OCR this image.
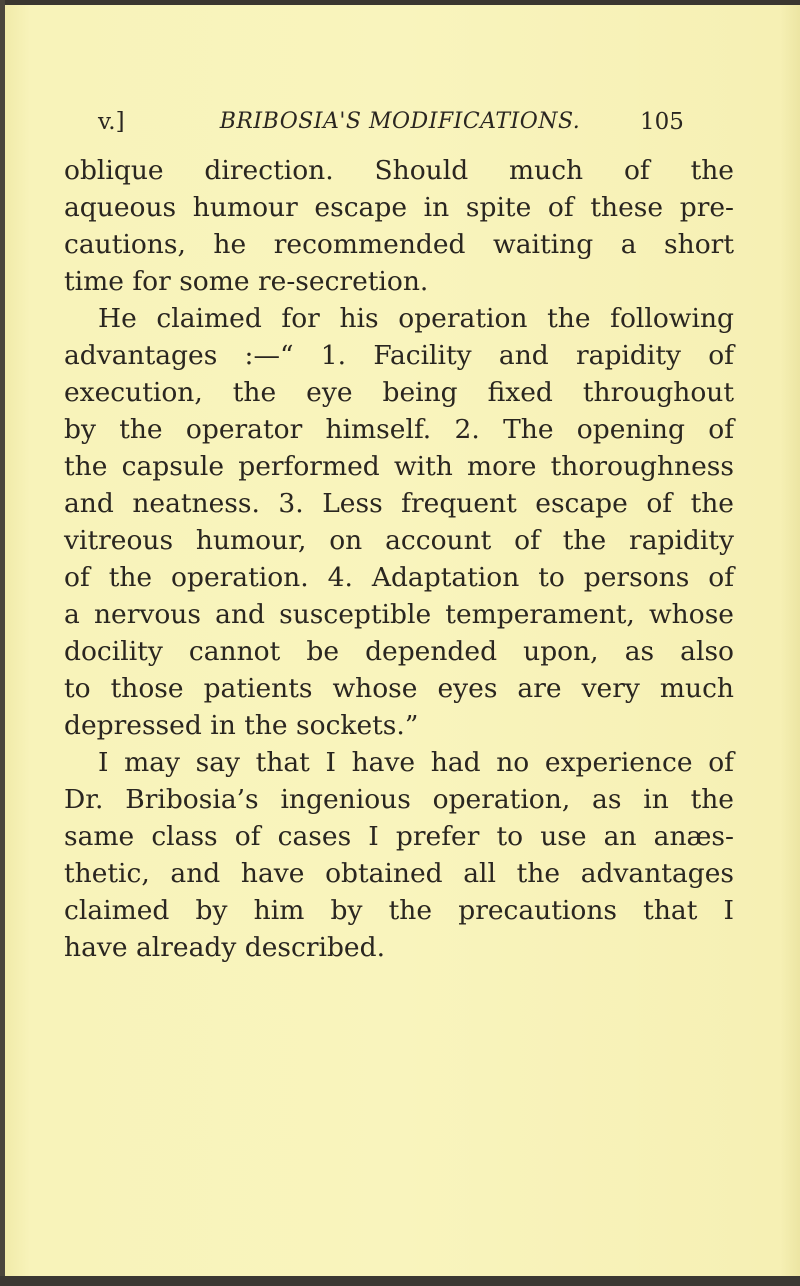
v.]	BRIBOSIA'S MODIFICATIONS.	105
oblique direction. Should much of the
aqueous humour escape in spite of these pre-
cautions, he recommended waiting a short
time for some re-secretion.
He claimed for his operation the following
advantages :—“ 1. Facility and rapidity of
execution, the eye being fixed throughout
by the operator himself. 2. The opening of
the capsule performed with more thoroughness
and neatness. 3. Less frequent escape of the
vitreous humour, on account of the rapidity
of the operation. 4. Adaptation to persons of
a nervous and susceptible temperament, whose
docility cannot be depended upon, as also
to those patients whose eyes are very much
depressed in the sockets.”
I may say that I have had no experience of
Dr. Bribosia’s ingenious operation, as in the
same class of cases I prefer to use an anæs-
thetic, and have obtained all the advantages
claimed by him by the precautions that I
have already described.
